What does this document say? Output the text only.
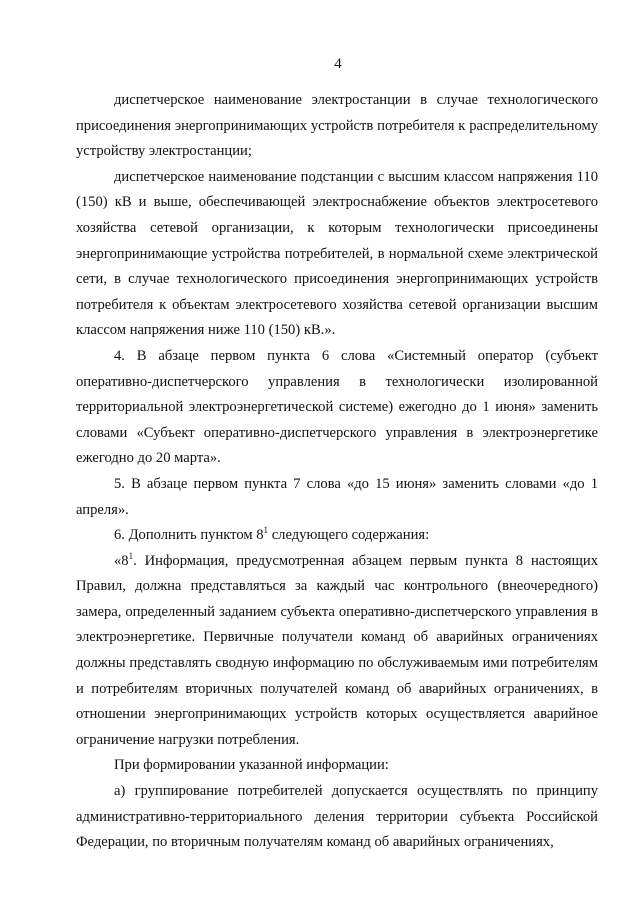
4

диспетчерское наименование электростанции в случае технологического присоединения энергопринимающих устройств потребителя к распределительному устройству электростанции;

диспетчерское наименование подстанции с высшим классом напряжения 110 (150) кВ и выше, обеспечивающей электроснабжение объектов электросетевого хозяйства сетевой организации, к которым технологически присоединены энергопринимающие устройства потребителей, в нормальной схеме электрической сети, в случае технологического присоединения энергопринимающих устройств потребителя к объектам электросетевого хозяйства сетевой организации высшим классом напряжения ниже 110 (150) кВ.».

4. В абзаце первом пункта 6 слова «Системный оператор (субъект оперативно-диспетчерского управления в технологически изолированной территориальной электроэнергетической системе) ежегодно до 1 июня» заменить словами «Субъект оперативно-диспетчерского управления в электроэнергетике ежегодно до 20 марта».

5. В абзаце первом пункта 7 слова «до 15 июня» заменить словами «до 1 апреля».

6. Дополнить пунктом $8^1$ следующего содержания:

«$8^1$. Информация, предусмотренная абзацем первым пункта 8 настоящих Правил, должна представляться за каждый час контрольного (внеочередного) замера, определенный заданием субъекта оперативно-диспетчерского управления в электроэнергетике. Первичные получатели команд об аварийных ограничениях должны представлять сводную информацию по обслуживаемым ими потребителям и потребителям вторичных получателей команд об аварийных ограничениях, в отношении энергопринимающих устройств которых осуществляется аварийное ограничение нагрузки потребления.

При формировании указанной информации:

а) группирование потребителей допускается осуществлять по принципу административно-территориального деления территории субъекта Российской Федерации, по вторичным получателям команд об аварийных ограничениях,
